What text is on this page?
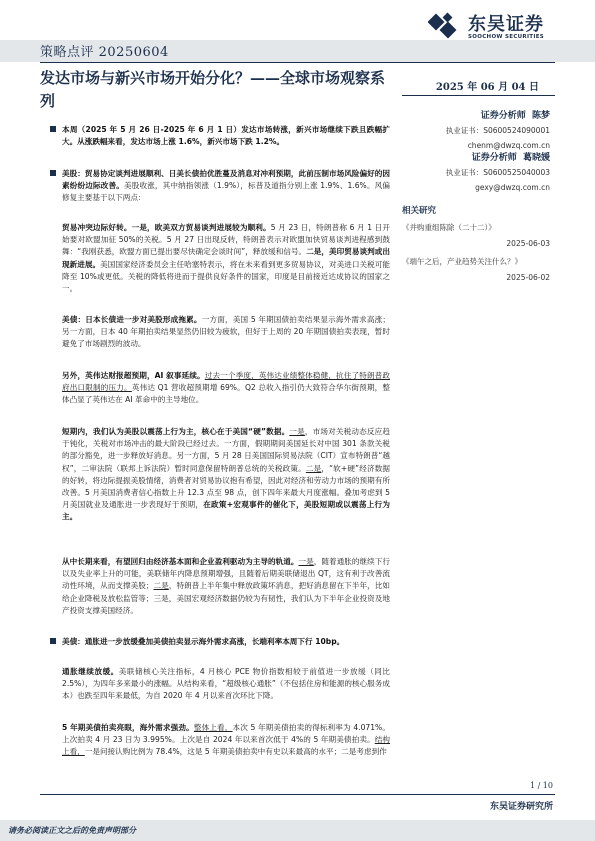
东吴证券
SOOCHOW SECURITIES
策略点评 20250604
发达市场与新兴市场开始分化？——全球市场观察系列
2025 年 06 月 04 日
证券分析师 陈梦
执业证书：S0600524090001
chenm@dwzq.com.cn
证券分析师 葛晓媛
执业证书：S0600525040003
gexy@dwzq.com.cn
相关研究
《并购重组陈除（二十二）》
2025-06-03
《端午之后，产业趋势关注什么？》
2025-06-02
本周（2025 年 5 月 26 日-2025 年 6 月 1 日）发达市场转涨，新兴市场继续下跌且跌幅扩大。从涨跌幅来看，发达市场上涨 1.6%，新兴市场下跌 1.2%。
美股：贸易协定谈判进展顺利、日美长债拍优胜蔓及消息对冲利预期，此前压制市场风险偏好的因素纷纷边际改善。美股收涨，其中纳指领涨（1.9%），标普及道指分别上涨 1.9%、1.6%。风偏修复主要基于以下两点：
贸易冲突边际好转。一是，欧美双方贸易谈判进展较为顺利。5 月 23 日，特朗普称 6 月 1 日开始要对欧盟加征 50%的关税。5 月 27 日出现反转，特朗普表示对欧盟加快贸易谈判进程感到鼓舞：“我刚获悉，欧盟方面已提出要尽快确定会谈时间”，释放缓和信号。二是，美印贸易谈判或出现新进展。美国国家经济委员会主任哈塞特表示，将在未来看到更多贸易协议，对美进口关税可能降至 10%或更低。关税的降低将进而于提供良好条件的国家，印度是目前接近达成协议的国家之一。
美债：日本长债进一步对美股形成拖累。一方面，美国 5 年期国债拍卖结果显示海外需求高涨；另一方面，日本 40 年期拍卖结果显然仍旧较为疲软，但好于上周的 20 年期国债拍卖表现，暂时避免了市场剧烈的波动。
另外，英伟达财报超预期，AI 叙事延续。过去一个季度，英伟达业绩整体稳健，抗住了特朗普政府出口限制的压力。英伟达 Q1 营收超预期增 69%。Q2 总收入指引仍大致符合华尔街预期，整体凸显了英伟达在 AI 革命中的主导地位。
短期内，我们认为美股以震荡上行为主，核心在于美国“硬”数据。一是，市场对关税动态反应趋于钝化，关税对市场冲击的最大阶段已经过去。一方面，假期期间美国延长对中国 301 条款关税的部分豁免，进一步释放好消息。另一方面，5 月 28 日美国国际贸易法院（CIT）宣布特朗普“越权”，二审法院（联邦上诉法院）暂时同意保留特朗普总统的关税政策。二是，“软+硬”经济数据的好转，将边际提振美股情绪，消费者对贸易协议抱有希望，因此对经济和劳动力市场的预期有所改善。5 月美国消费者信心指数上升 12.3 点至 98 点，创下四年来最大月度涨幅。叠加考虑到 5 月美国就业及通胀进一步表现好于预期，在政策+宏观事件的催化下，美股短期或以震荡上行为主。
从中长期来看，有望回归由经济基本面和企业盈利驱动为主导的轨道。一是，随着通胀的继续下行以及失业率上升的可能，美联储年内降息预期增强，且随着后期美联储退出 QT，这有利于改善流动性环境，从而支撑美股；二是，特朗普上半年集中释放政策坏消息，把好消息留在下半年，比如给企业降税及放松监管等；三是，美国宏观经济数据仍较为有韧性，我们认为下半年企业投资及地产投资支撑美国经济。
美债：通胀进一步放缓叠加美债拍卖显示海外需求高涨，长端利率本周下行 10bp。
通胀继续放缓。美联储核心关注指标，4 月核心 PCE 物价指数相较于前值进一步放缓（同比 2.5%），为四年多来最小的涨幅。从结构来看，“超级核心通胀”（不包括住房和能源的核心服务成本）也跌至四年来最低，为自 2020 年 4 月以来首次环比下降。
5 年期美债拍卖亮眼，海外需求强劲。整体上看，本次 5 年期美债拍卖的得标利率为 4.071%。上次拍卖 4 月 23 日为 3.995%。上次是自 2024 年以来首次低于 4%的 5 年期美债拍卖。结构上看，一是问接认购比例为 78.4%，这是 5 年期美债拍卖中有史以来最高的水平；二是考虑到作
1 / 10
东吴证券研究所
请务必阅读正文之后的免责声明部分
